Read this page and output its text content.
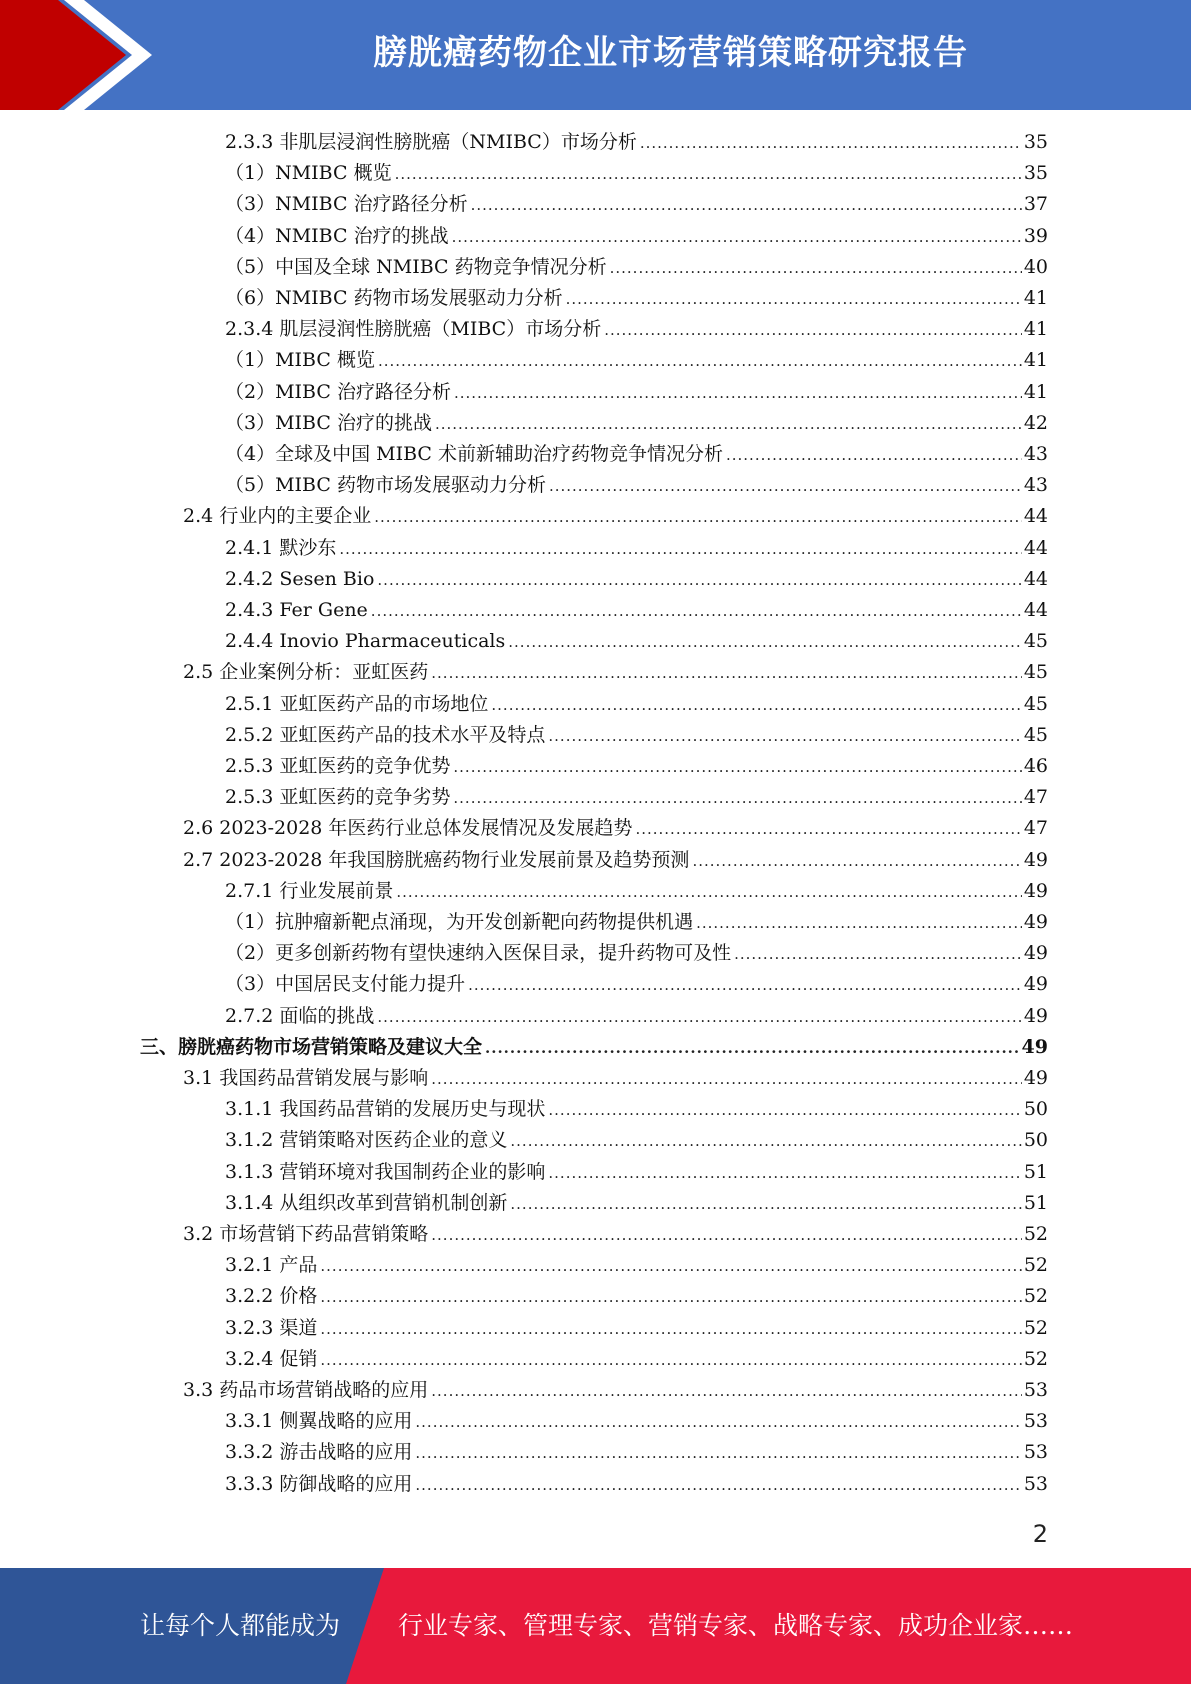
膀胱癌药物企业市场营销策略研究报告
2.3.3 非肌层浸润性膀胱癌（NMIBC）市场分析 .....	35
（1）NMIBC 概览 .....	35
（3）NMIBC 治疗路径分析 .....	37
（4）NMIBC 治疗的挑战 .....	39
（5）中国及全球 NMIBC 药物竞争情况分析 .....	40
（6）NMIBC 药物市场发展驱动力分析 .....	41
2.3.4 肌层浸润性膀胱癌（MIBC）市场分析 .....	41
（1）MIBC 概览 .....	41
（2）MIBC 治疗路径分析 .....	41
（3）MIBC 治疗的挑战 .....	42
（4）全球及中国 MIBC 术前新辅助治疗药物竞争情况分析 .....	43
（5）MIBC 药物市场发展驱动力分析 .....	43
2.4 行业内的主要企业 .....	44
2.4.1 默沙东 .....	44
2.4.2 Sesen Bio .....	44
2.4.3 Fer Gene .....	44
2.4.4 Inovio Pharmaceuticals .....	45
2.5 企业案例分析：亚虹医药 .....	45
2.5.1 亚虹医药产品的市场地位 .....	45
2.5.2 亚虹医药产品的技术水平及特点 .....	45
2.5.3 亚虹医药的竞争优势 .....	46
2.5.3 亚虹医药的竞争劣势 .....	47
2.6 2023-2028 年医药行业总体发展情况及发展趋势 .....	47
2.7 2023-2028 年我国膀胱癌药物行业发展前景及趋势预测 .....	49
2.7.1 行业发展前景 .....	49
（1）抗肿瘤新靶点涌现，为开发创新靶向药物提供机遇 .....	49
（2）更多创新药物有望快速纳入医保目录，提升药物可及性 .....	49
（3）中国居民支付能力提升 .....	49
2.7.2 面临的挑战 .....	49
三、膀胱癌药物市场营销策略及建议大全 .....	49
3.1 我国药品营销发展与影响 .....	49
3.1.1 我国药品营销的发展历史与现状 .....	50
3.1.2 营销策略对医药企业的意义 .....	50
3.1.3 营销环境对我国制药企业的影响 .....	51
3.1.4 从组织改革到营销机制创新 .....	51
3.2 市场营销下药品营销策略 .....	52
3.2.1 产品 .....	52
3.2.2 价格 .....	52
3.2.3 渠道 .....	52
3.2.4 促销 .....	52
3.3 药品市场营销战略的应用 .....	53
3.3.1 侧翼战略的应用 .....	53
3.3.2 游击战略的应用 .....	53
3.3.3 防御战略的应用 .....	53
2
让每个人都能成为 行业专家、管理专家、营销专家、战略专家、成功企业家……
